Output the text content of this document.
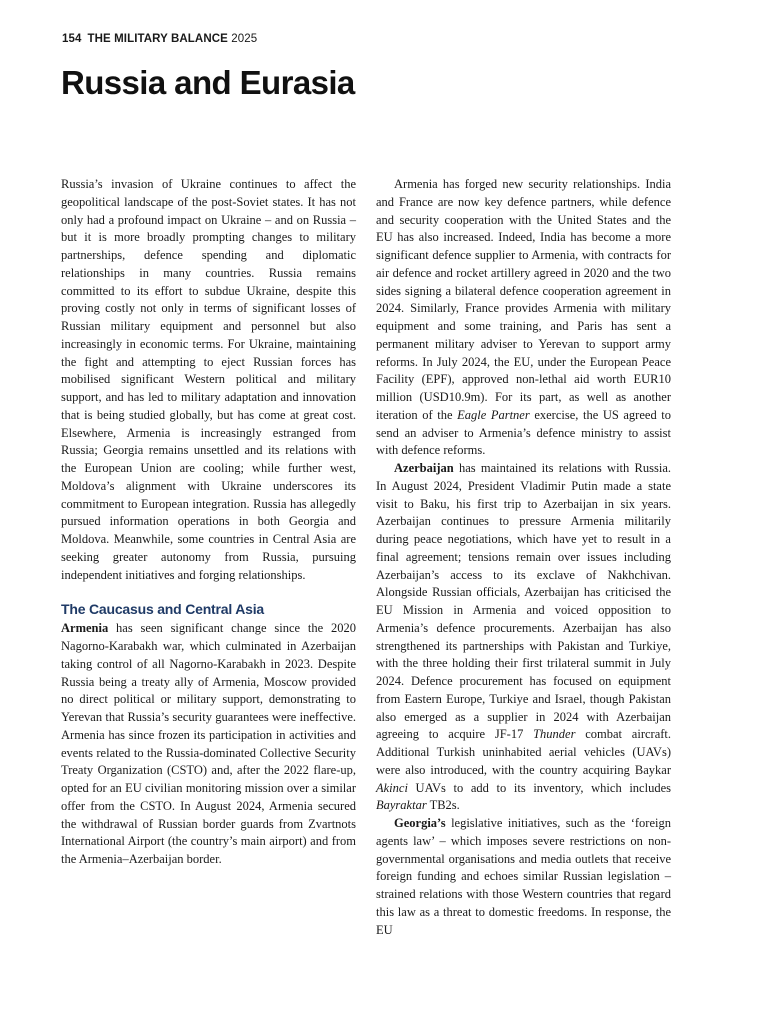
154 THE MILITARY BALANCE 2025
Russia and Eurasia

Russia’s invasion of Ukraine continues to affect the geopolitical landscape of the post-Soviet states. It has not only had a profound impact on Ukraine – and on Russia – but it is more broadly prompting changes to military partnerships, defence spending and diplomatic relationships in many countries. Russia remains committed to its effort to subdue Ukraine, despite this proving costly not only in terms of significant losses of Russian military equipment and personnel but also increasingly in economic terms. For Ukraine, maintaining the fight and attempting to eject Russian forces has mobilised significant Western political and military support, and has led to military adaptation and innovation that is being studied globally, but has come at great cost. Elsewhere, Armenia is increasingly estranged from Russia; Georgia remains unsettled and its relations with the European Union are cooling; while further west, Moldova’s alignment with Ukraine underscores its commitment to European integration. Russia has allegedly pursued information operations in both Georgia and Moldova. Meanwhile, some countries in Central Asia are seeking greater autonomy from Russia, pursuing independent initiatives and forging relationships.

The Caucasus and Central Asia

Armenia has seen significant change since the 2020 Nagorno-Karabakh war, which culminated in Azerbaijan taking control of all Nagorno-Karabakh in 2023. Despite Russia being a treaty ally of Armenia, Moscow provided no direct political or military support, demonstrating to Yerevan that Russia’s security guarantees were ineffective. Armenia has since frozen its participation in activities and events related to the Russia-dominated Collective Security Treaty Organization (CSTO) and, after the 2022 flare-up, opted for an EU civilian monitoring mission over a similar offer from the CSTO. In August 2024, Armenia secured the withdrawal of Russian border guards from Zvartnots International Airport (the country’s main airport) and from the Armenia–Azerbaijan border.

Armenia has forged new security relationships. India and France are now key defence partners, while defence and security cooperation with the United States and the EU has also increased. Indeed, India has become a more significant defence supplier to Armenia, with contracts for air defence and rocket artillery agreed in 2020 and the two sides signing a bilateral defence cooperation agreement in 2024. Similarly, France provides Armenia with military equipment and some training, and Paris has sent a permanent military adviser to Yerevan to support army reforms. In July 2024, the EU, under the European Peace Facility (EPF), approved non-lethal aid worth EUR10 million (USD10.9m). For its part, as well as another iteration of the Eagle Partner exercise, the US agreed to send an adviser to Armenia’s defence ministry to assist with defence reforms.

Azerbaijan has maintained its relations with Russia. In August 2024, President Vladimir Putin made a state visit to Baku, his first trip to Azerbaijan in six years. Azerbaijan continues to pressure Armenia militarily during peace negotiations, which have yet to result in a final agreement; tensions remain over issues including Azerbaijan’s access to its exclave of Nakhchivan. Alongside Russian officials, Azerbaijan has criticised the EU Mission in Armenia and voiced opposition to Armenia’s defence procurements. Azerbaijan has also strengthened its partnerships with Pakistan and Turkiye, with the three holding their first trilateral summit in July 2024. Defence procurement has focused on equipment from Eastern Europe, Turkiye and Israel, though Pakistan also emerged as a supplier in 2024 with Azerbaijan agreeing to acquire JF-17 Thunder combat aircraft. Additional Turkish uninhabited aerial vehicles (UAVs) were also introduced, with the country acquiring Baykar Akinci UAVs to add to its inventory, which includes Bayraktar TB2s.

Georgia’s legislative initiatives, such as the ‘foreign agents law’ – which imposes severe restrictions on non-governmental organisations and media outlets that receive foreign funding and echoes similar Russian legislation – strained relations with those Western countries that regard this law as a threat to domestic freedoms. In response, the EU
